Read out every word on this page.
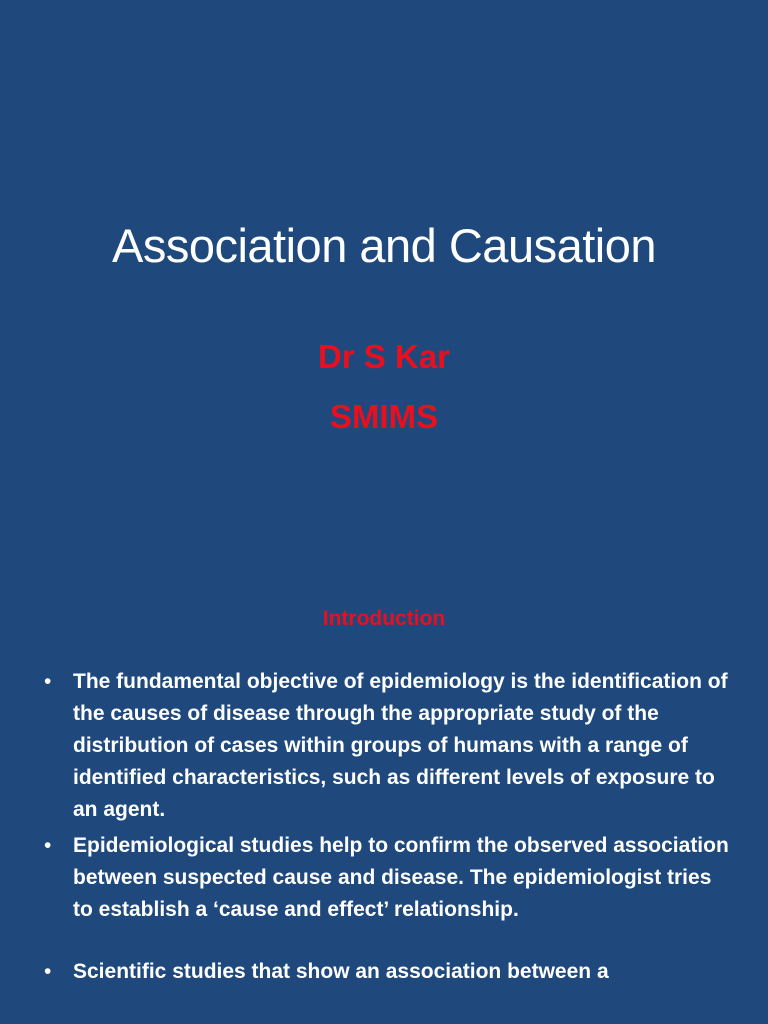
Association and Causation
Dr S Kar
SMIMS
Introduction
• The fundamental objective of epidemiology is the identification of the causes of disease through the appropriate study of the distribution of cases within groups of humans with a range of identified characteristics, such as different levels of exposure to an agent.
• Epidemiological studies help to confirm the observed association between suspected cause and disease. The epidemiologist tries to establish a ‘cause and effect’ relationship.
• Scientific studies that show an association between a
